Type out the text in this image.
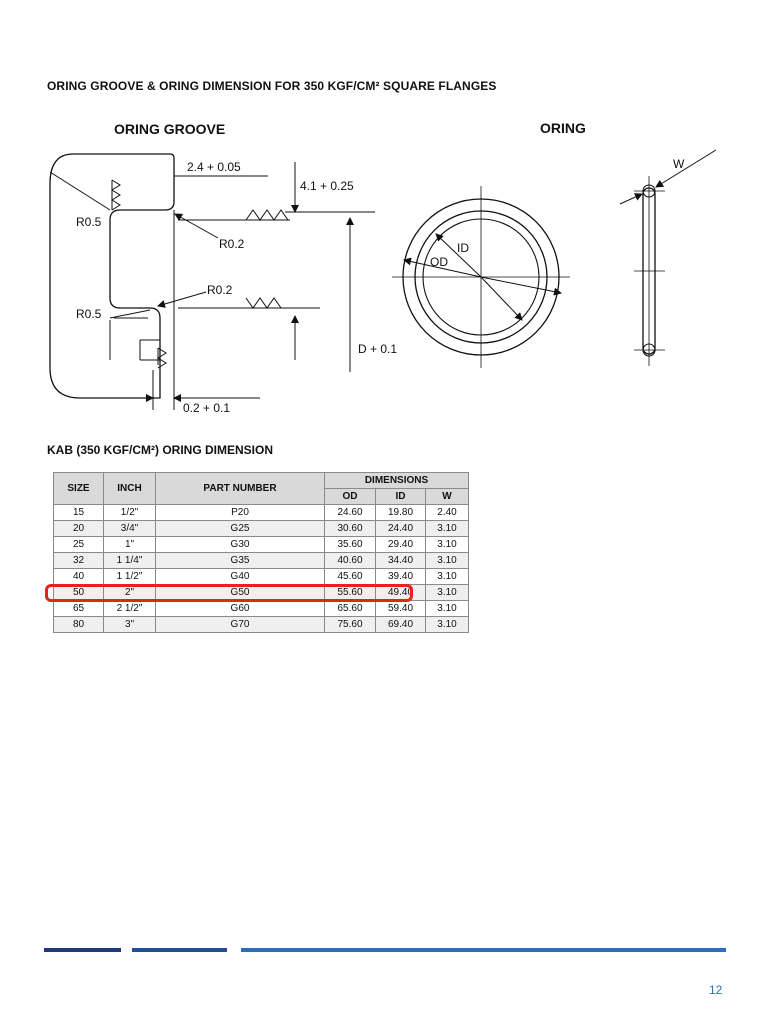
ORING GROOVE & ORING DIMENSION FOR 350 KGF/CM² SQUARE FLANGES
ORING GROOVE	ORING
2.4 + 0.05
4.1 + 0.25
D + 0.1
R0.5
R0.2
R0.2
R0.5
0.2 + 0.1
ID
OD
W
KAB (350 KGF/CM²) ORING DIMENSION
SIZE	INCH	PART NUMBER	DIMENSIONS		
			OD	ID	W
15	1/2"	P20	24.60	19.80	2.40
20	3/4"	G25	30.60	24.40	3.10
25	1"	G30	35.60	29.40	3.10
32	1 1/4"	G35	40.60	34.40	3.10
40	1 1/2"	G40	45.60	39.40	3.10
50	2"	G50	55.60	49.40	3.10
65	2 1/2"	G60	65.60	59.40	3.10
80	3"	G70	75.60	69.40	3.10
12
